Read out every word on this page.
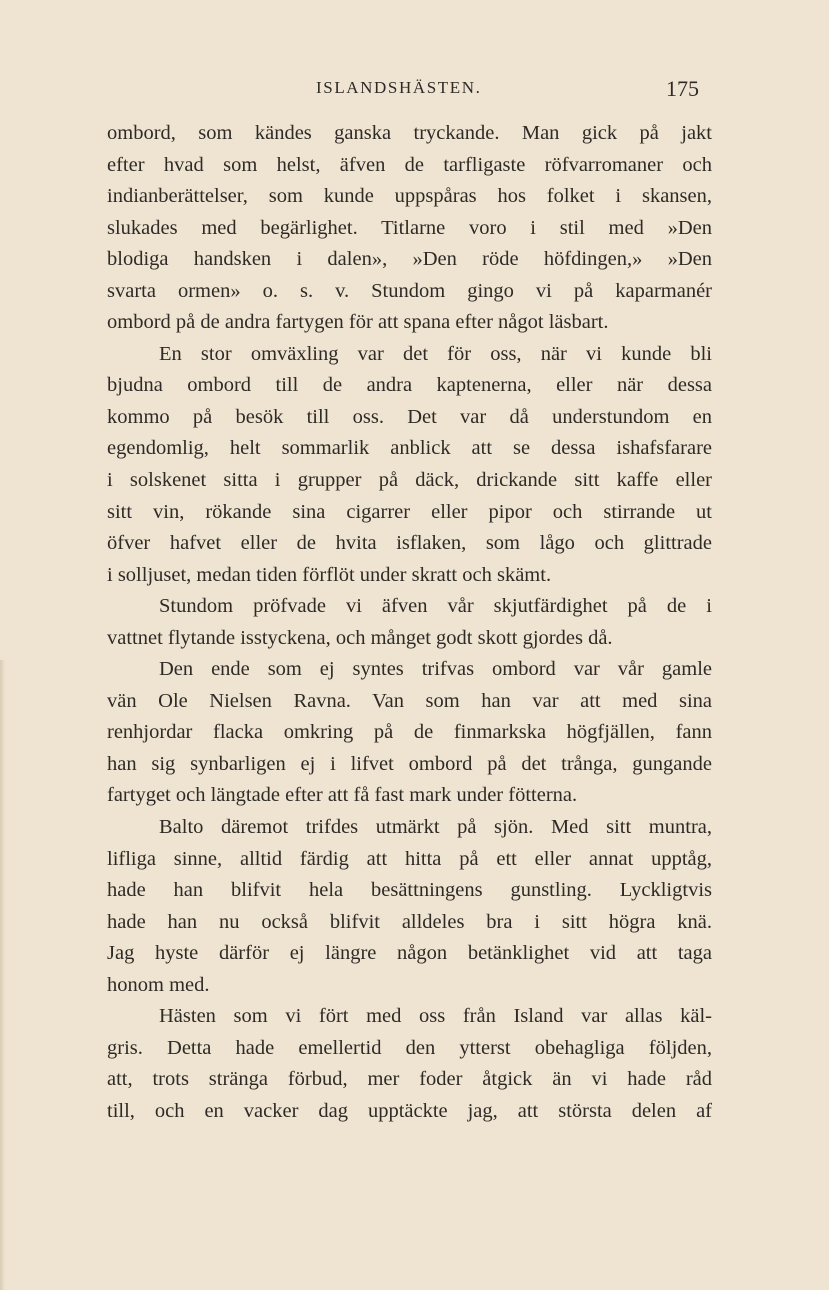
ISLANDSHÄSTEN.	175
ombord, som kändes ganska tryckande. Man gick på jakt
efter hvad som helst, äfven de tarfligaste röfvarromaner och
indianberättelser, som kunde uppspåras hos folket i skansen,
slukades med begärlighet. Titlarne voro i stil med »Den
blodiga handsken i dalen», »Den röde höfdingen,» »Den
svarta ormen» o. s. v. Stundom gingo vi på kaparmanér
ombord på de andra fartygen för att spana efter något läsbart.
En stor omväxling var det för oss, när vi kunde bli
bjudna ombord till de andra kaptenerna, eller när dessa
kommo på besök till oss. Det var då understundom en
egendomlig, helt sommarlik anblick att se dessa ishafsfarare
i solskenet sitta i grupper på däck, drickande sitt kaffe eller
sitt vin, rökande sina cigarrer eller pipor och stirrande ut
öfver hafvet eller de hvita isflaken, som lågo och glittrade
i solljuset, medan tiden förflöt under skratt och skämt.
Stundom pröfvade vi äfven vår skjutfärdighet på de i
vattnet flytande isstyckena, och månget godt skott gjordes då.
Den ende som ej syntes trifvas ombord var vår gamle
vän Ole Nielsen Ravna. Van som han var att med sina
renhjordar flacka omkring på de finmarkska högfjällen, fann
han sig synbarligen ej i lifvet ombord på det trånga, gungande
fartyget och längtade efter att få fast mark under fötterna.
Balto däremot trifdes utmärkt på sjön. Med sitt muntra,
lifliga sinne, alltid färdig att hitta på ett eller annat upptåg,
hade han blifvit hela besättningens gunstling. Lyckligtvis
hade han nu också blifvit alldeles bra i sitt högra knä.
Jag hyste därför ej längre någon betänklighet vid att taga
honom med.
Hästen som vi fört med oss från Island var allas käl-
gris. Detta hade emellertid den ytterst obehagliga följden,
att, trots stränga förbud, mer foder åtgick än vi hade råd
till, och en vacker dag upptäckte jag, att största delen af
